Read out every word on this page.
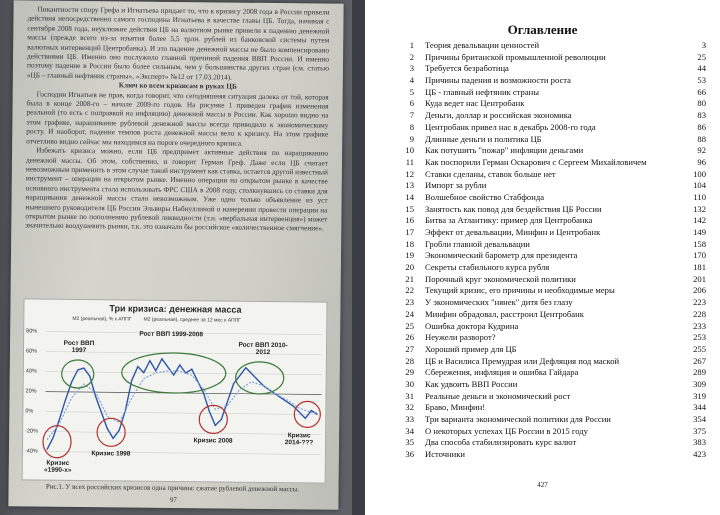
Пикантности спору Грефа и Игнатьева придает то, что к кризису 2008 года в России привели действия непосредственно самого господина Игнатьева в качестве главы ЦБ. Тогда, начиная с сентября 2008 года, неуклюжие действия ЦБ на валютном рынке привели к падению денежной массы (прежде всего из-за изъятия более 5,5 трлн. рублей из банковской системы путем валютных интервенций Центробанка). И это падение денежной массы не было компенсировано действиями ЦБ. Именно оно послужило главной причиной падения ВВП России. И именно поэтому падение в России было более сильным, чем у большинства других стран (см. статью «ЦБ – главный нефтяник страны», «Эксперт» №12 от 17.03.2014).

Ключ ко всем кризисам в руках ЦБ

Господин Игнатьев не прав, когда говорит, что сегодняшняя ситуация далека от той, которая была в конце 2008-го – начале 2009-го годов. На рисунке 1 приведен график изменения реальной (то есть с поправкой на инфляцию) денежной массы в России. Как хорошо видно на этом графике, нарашивание рублевой денежной массы всегда приводило к экономическому росту. И наоборот, падение темпов роста денежной массы вело к кризису. На этом графике отчетливо видно сейчас мы находимся на пороге очередного кризиса.

Избежать кризиса можно, если ЦБ предпримет активные действия по наращиванию денежной массы. Об этом, собственно, и говорит Герман Греф. Даже если ЦБ считает невозможным применить в этом случае такой инструмент как ставка, остается другой известный инструмент – операции на открытом рынке. Именно операции на открытом рынке в качестве основного инструмента стала использовать ФРС США в 2008 году, столкнувшись со ставки для наращивания денежной массы стало невозможным. Уже одно только объявление из уст нынешнего руководителя ЦБ России Эльвиры Набиуллиной о намерении провести операции на открытом рынке по пополнению рублевой ликвидности (т.и. «вербальная интервенция») может значительно воодушевить рынки, т.к. это означало бы российское «количественное смягчение».

Три кризиса: денежная масса
M2 (реальная), % к АППГ M2 (реальная), среднее за 12 мес к АППГ
80%
60%
40%
20%
0%
-20%
-40%
Рост ВВП 1997
Рост ВВП 1999-2008
Рост ВВП 2010-2012
Кризис «1990-х»
Кризис 1998
Кризис 2008
Кризис 2014-???
Рис.1. У всех российских кризисов одна причина: сжатие рублевой денежной массы.
97
Оглавление
1 Теория девальвации ценностей	3
2 Причины британской промышленной революции	25
3 Требуется безработица	44
4 Причины падения и возможности роста	53
5 ЦБ - главный нефтяник страны	66
6 Куда ведет нас Центробанк	80
7 Деньги, доллар и российская экономика	83
8 Центробанк привел нас в декабрь 2008-го года	86
9 Длинные деньги и политика ЦБ	88
10 Как потушить "пожар" инфляции деньгами	92
11 Как поспорили Герман Оскарович с Сергеем Михайловичем	96
12 Ставки сделаны, ставок больше нет	100
13 Импорт за рубли	104
14 Волшебное свойство Стабфонда	110
15 Занятость как повод для бездействия ЦБ России	132
16 Битва за Атлантику: пример для Центробанка	142
17 Эффект от девальвации, Минфин и Центробанк	149
18 Гробли главной девальвации	158
19 Экономический барометр для президента	170
20 Секреты стабильного курса рубля	181
21 Порочный круг экономической политики	201
22 Текущий кризис, его причины и необходимые меры	206
23 У экономических "нянек" дитя без глазу	223
24 Минфин обрадовал, расстроил Центробанк	228
25 Ошибка доктора Кудрина	233
26 Неужели разворот?	253
27 Хороший пример для ЦБ	255
28 ЦБ и Василиса Премудрая или Дефляция под маской	267
29 Сбережения, инфляция и ошибка Гайдара	289
30 Как удвоить ВВП России	309
31 Реальные деньги и экономический рост	319
32 Браво, Минфин!	344
33 Три варианта экономической политики для России	354
34 О некоторых успехах ЦБ России в 2015 году	375
35 Два способа стабилизировать курс валют	383
36 Источники	423
427
